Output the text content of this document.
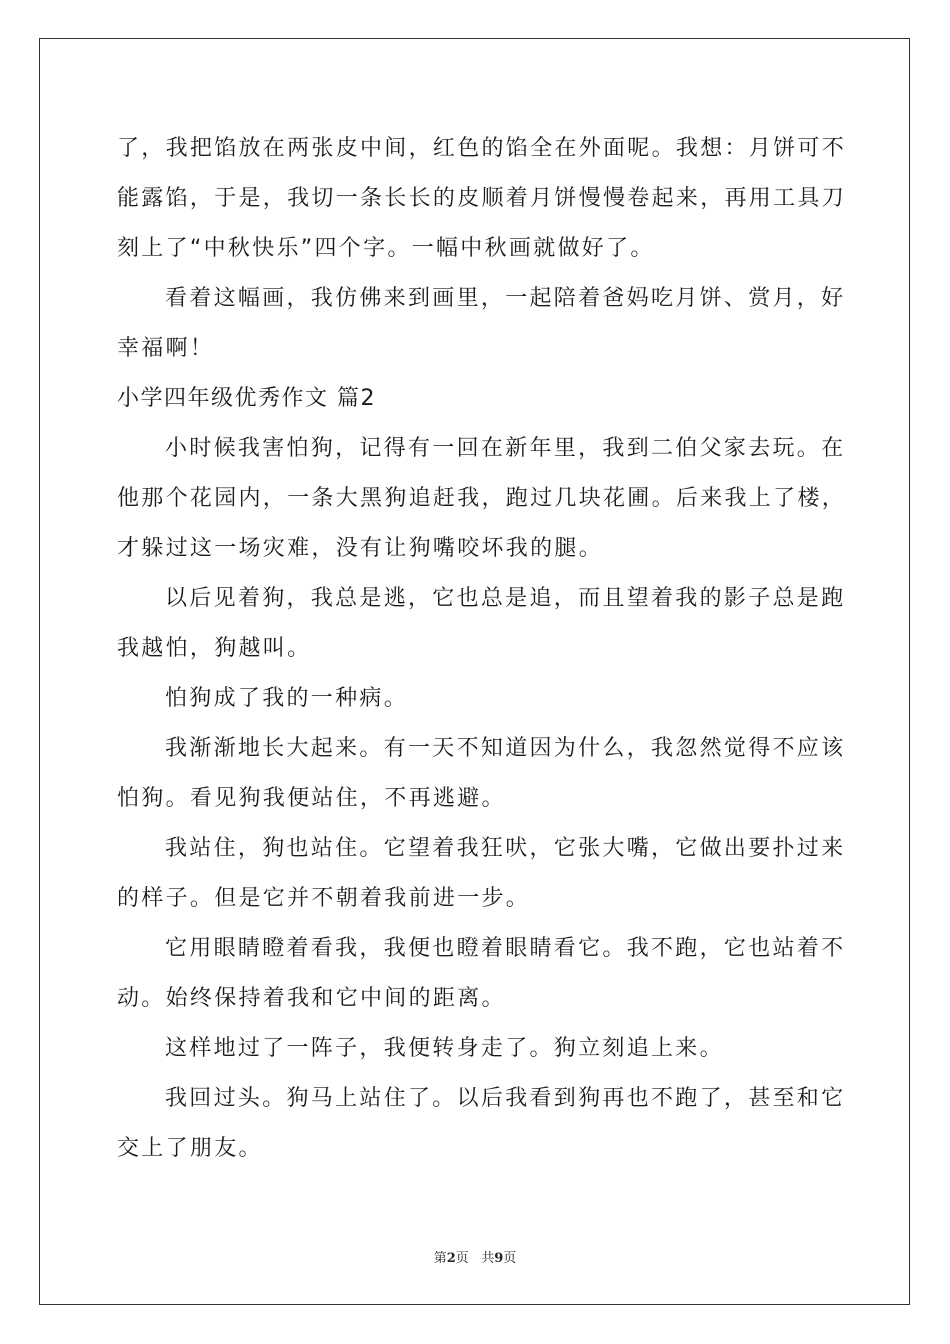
了，我把馅放在两张皮中间，红色的馅全在外面呢。我想：月饼可不
能露馅，于是，我切一条长长的皮顺着月饼慢慢卷起来，再用工具刀
刻上了“中秋快乐”四个字。一幅中秋画就做好了。
看着这幅画，我仿佛来到画里，一起陪着爸妈吃月饼、赏月，好
幸福啊！
小学四年级优秀作文 篇2
小时候我害怕狗，记得有一回在新年里，我到二伯父家去玩。在
他那个花园内，一条大黑狗追赶我，跑过几块花圃。后来我上了楼，
才躲过这一场灾难，没有让狗嘴咬坏我的腿。
以后见着狗，我总是逃，它也总是追，而且望着我的影子总是跑
我越怕，狗越叫。
怕狗成了我的一种病。
我渐渐地长大起来。有一天不知道因为什么，我忽然觉得不应该
怕狗。看见狗我便站住，不再逃避。
我站住，狗也站住。它望着我狂吠，它张大嘴，它做出要扑过来
的样子。但是它并不朝着我前进一步。
它用眼睛瞪着看我，我便也瞪着眼睛看它。我不跑，它也站着不
动。始终保持着我和它中间的距离。
这样地过了一阵子，我便转身走了。狗立刻追上来。
我回过头。狗马上站住了。以后我看到狗再也不跑了，甚至和它
交上了朋友。
第2页 共9页
